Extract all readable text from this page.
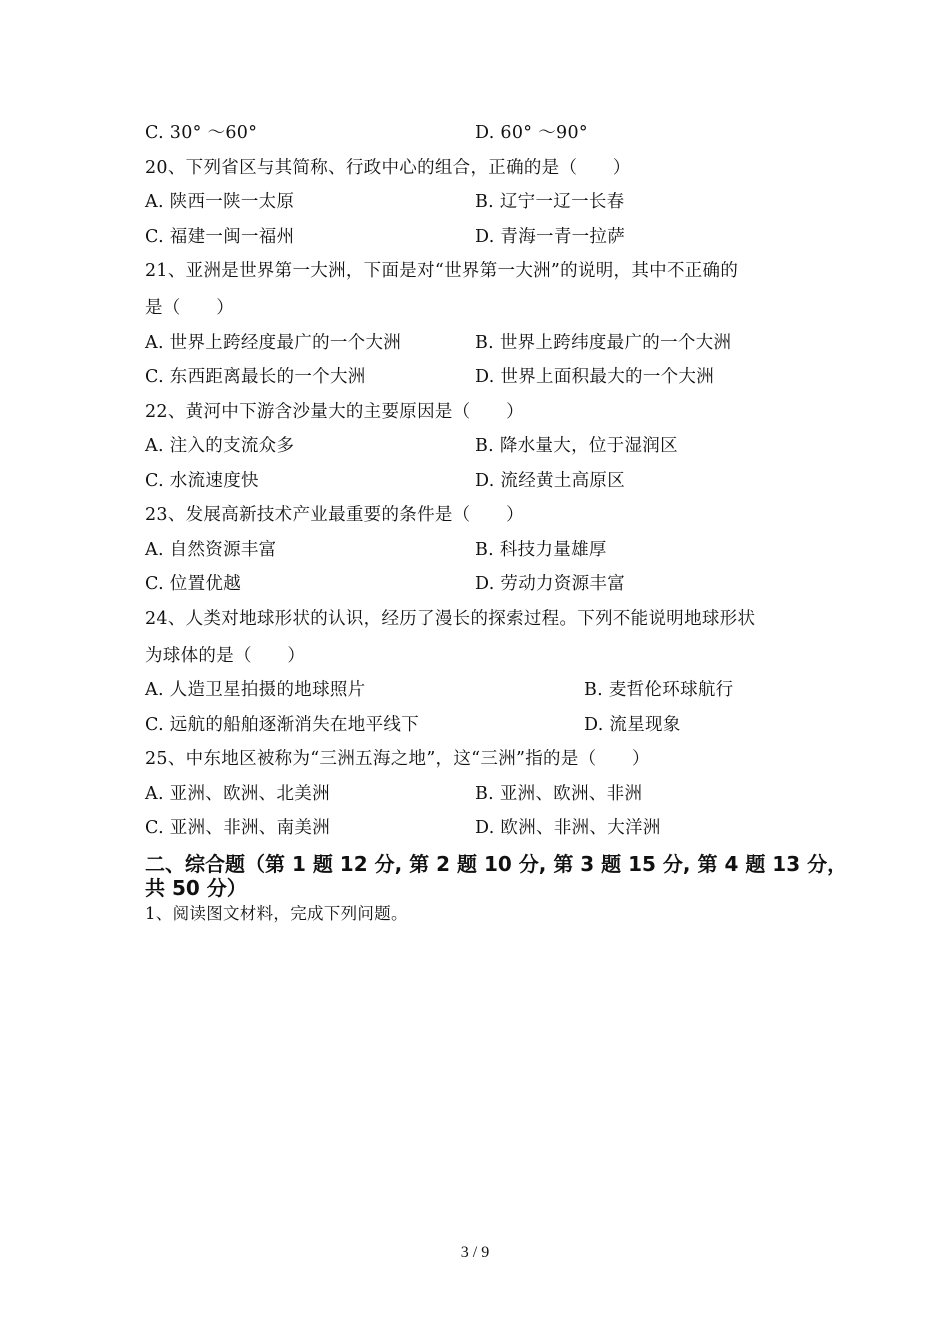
C. 30° ～60°	D. 60° ～90°
20、下列省区与其简称、行政中心的组合，正确的是（　　）
A. 陕西一陕一太原	B. 辽宁一辽一长春
C. 福建一闽一福州	D. 青海一青一拉萨
21、亚洲是世界第一大洲，下面是对“世界第一大洲”的说明，其中不正确的
是（　　）
A. 世界上跨经度最广的一个大洲	B. 世界上跨纬度最广的一个大洲
C. 东西距离最长的一个大洲	D. 世界上面积最大的一个大洲
22、黄河中下游含沙量大的主要原因是（　　）
A. 注入的支流众多	B. 降水量大，位于湿润区
C. 水流速度快	D. 流经黄土高原区
23、发展高新技术产业最重要的条件是（　　）
A. 自然资源丰富	B. 科技力量雄厚
C. 位置优越	D. 劳动力资源丰富
24、人类对地球形状的认识，经历了漫长的探索过程。下列不能说明地球形状
为球体的是（　　）
A. 人造卫星拍摄的地球照片	B. 麦哲伦环球航行
C. 远航的船舶逐渐消失在地平线下	D. 流星现象
25、中东地区被称为“三洲五海之地”，这“三洲”指的是（　　）
A. 亚洲、欧洲、北美洲	B. 亚洲、欧洲、非洲
C. 亚洲、非洲、南美洲	D. 欧洲、非洲、大洋洲
二、综合题（第 1 题 12 分, 第 2 题 10 分, 第 3 题 15 分, 第 4 题 13 分，
共 50 分）
1、阅读图文材料，完成下列问题。
3 / 9
